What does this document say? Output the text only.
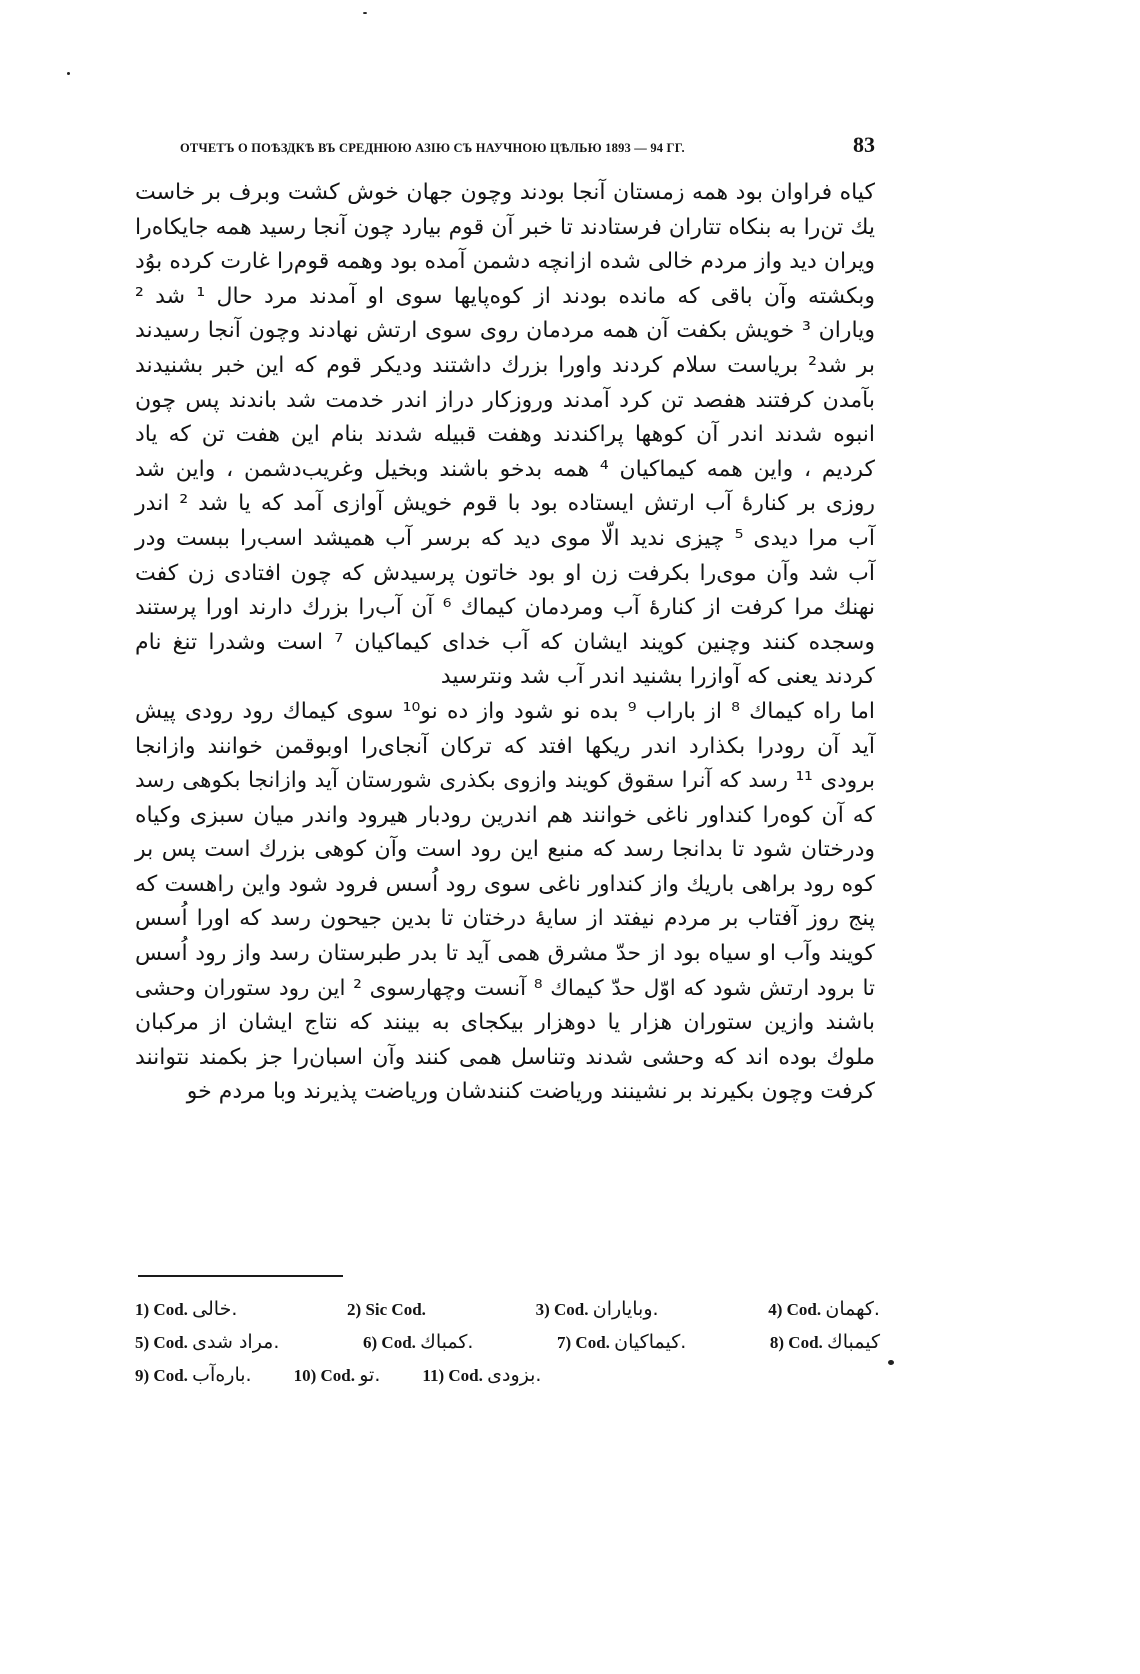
ОТЧЕТЪ О ПОѢЗДКѢ ВЪ СРЕДНЮЮ АЗІЮ СЪ НАУЧНОЮ ЦѢЛЬЮ 1893 — 94 ГГ.	83
كياه فراوان بود همه زمستان آنجا بودند وچون جهان خوش كشت وبرف بر خاست
يك تن‌را به بنكاه تتاران فرستادند تا خبر آن قوم بيارد چون آنجا رسيد همه جايكاه‌را
ويران ديد واز مردم خالى شده ازانچه دشمن آمده بود وهمه قوم‌را غارت كرده بوُد
وبكشته وآن باقى كه مانده بودند از كوه‌پايها سوى او آمدند مرد حال ¹ شد ²
وياران ³ خويش بكفت آن همه مردمان روى سوى ارتش نهادند وچون آنجا رسيدند
بر شد² برياست سلام كردند واورا بزرك داشتند وديكر قوم كه اين خبر بشنيدند
بآمدن كرفتند هفصد تن كرد آمدند وروزكار دراز اندر خدمت شد باندند پس چون
انبوه شدند اندر آن كوهها پراكندند وهفت قبيله شدند بنام اين هفت تن كه ياد
كرديم ، واين همه كيماكيان ⁴ همه بدخو باشند وبخيل وغريب‌دشمن ، واين شد
روزى بر كنارهٔ آب ارتش ايستاده بود با قوم خويش آوازى آمد كه يا شد ² اندر
آب مرا ديدى ⁵ چيزى نديد الّا موى ديد كه برسر آب هميشد اسب‌را ببست ودر
آب شد وآن موى‌را بكرفت زن او بود خاتون پرسيدش كه چون افتادى زن كفت
نهنك مرا كرفت از كنارهٔ آب ومردمان كيماك ⁶ آن آب‌را بزرك دارند اورا پرستند
وسجده كنند وچنين كويند ايشان كه آب خداى كيماكيان ⁷ است وشدرا تنغ نام
كردند يعنى كه آوازرا بشنيد اندر آب شد ونترسيد
اما راه كيماك ⁸ از باراب ⁹ بده نو شود واز ده نو¹⁰ سوى كيماك رود رودى پيش
آيد آن رودرا بكذارد اندر ريكها افتد كه تركان آنجاى‌را اوبوقمن خوانند وازانجا
برودى ¹¹ رسد كه آنرا سقوق كويند وازوى بكذرى شورستان آيد وازانجا بكوهى رسد
كه آن كوه‌را كنداور ناغى خوانند هم اندرين رودبار هيرود واندر ميان سبزى وكياه
ودرختان شود تا بدانجا رسد كه منبع اين رود است وآن كوهى بزرك است پس بر
كوه رود براهى باريك واز كنداور ناغى سوى رود اُسس فرود شود واين راهست كه
پنج روز آفتاب بر مردم نيفتد از سايهٔ درختان تا بدين جيحون رسد كه اورا اُسس
كويند وآب او سياه بود از حدّ مشرق همى آيد تا بدر طبرستان رسد واز رود اُسس
تا برود ارتش شود كه اوّل حدّ كيماك ⁸ آنست وچهارسوى ² اين رود ستوران وحشى
باشند وازين ستوران هزار يا دوهزار بيكجاى به بينند كه نتاج ايشان از مركبان
ملوك بوده اند كه وحشى شدند وتناسل همى كنند وآن اسبان‌را جز بكمند نتوانند
كرفت وچون بكيرند بر نشينند ورياضت كنندشان ورياضت پذيرند وبا مردم خو
1) Cod. .خالى	2) Sic Cod.	3) Cod. .وباياران	4) Cod. .كهمان
5) Cod. .مراد شدى	6) Cod. .كمباك	7) Cod. .كيماكيان	8) Cod. كيمباك
9) Cod. .باره‌آب 10) Cod. .تو 11) Cod. .بزودى
